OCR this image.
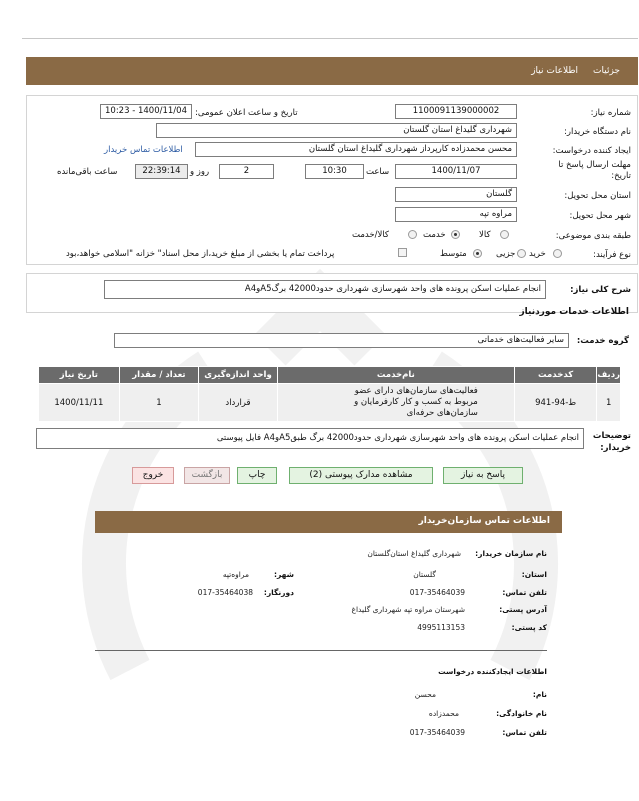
جزئیات
اطلاعات نیاز
شماره نیاز:
1100091139000002
تاریخ و ساعت اعلان عمومی:
1400/11/04 - 10:23
نام دستگاه خریدار:
شهرداری گلیداغ استان گلستان
ایجاد کننده درخواست:
محسن محمدزاده کارپرداز شهرداری گلیداغ استان گلستان
اطلاعات تماس خریدار
مهلت ارسال پاسخ تا تاریخ:
1400/11/07
ساعت
10:30
2
روز و
22:39:14
ساعت باقی‌مانده
استان محل تحویل:
گلستان
شهر محل تحویل:
مراوه تپه
طبقه بندی موضوعی:
کالا
خدمت
کالا/خدمت
نوع فرآیند:
خرید
جزیی
متوسط
پرداخت تمام یا بخشی از مبلغ خرید،از محل اسناد" خزانه "اسلامی خواهد،بود
شرح کلی نیاز:
انجام عملیات اسکن پرونده های واحد شهرسازی شهرداری حدود42000 برگA5وA4
اطلاعات خدمات موردنیاز
گروه خدمت:
سایر فعالیت‌های خدماتی
ردیف	کدخدمت	نام‌خدمت	واحد اندازه‌گیری	تعداد / مقدار	تاریخ نیاز
1	ط-94-941	فعالیت‌های سازمان‌های دارای عضو مربوط به کسب و کار کارفرمایان و سازمان‌های حرفه‌ای	قرارداد	1	1400/11/11
توضیحات خریدار:
انجام عملیات اسکن پرونده های واحد شهرسازی شهرداری حدود42000 برگ طبقA5وA4 فایل پیوستی
پاسخ به نیاز
مشاهده مدارک پیوستی (2)
چاپ
بازگشت
خروج
اطلاعات تماس سازمان‌خریدار
نام سازمان خریدار:
شهرداری گلیداغ استان‌گلستان
استان:
گلستان
شهر:
مراوه‌تپه
تلفن تماس:
017-35464039
دورنگار:
017-35464038
آدرس پستی:
شهرستان مراوه تپه شهرداری گلیداغ
کد پستی:
4995113153
اطلاعات ایجادکننده درخواست
نام:
محسن
نام خانوادگی:
محمدزاده
تلفن تماس:
017-35464039
